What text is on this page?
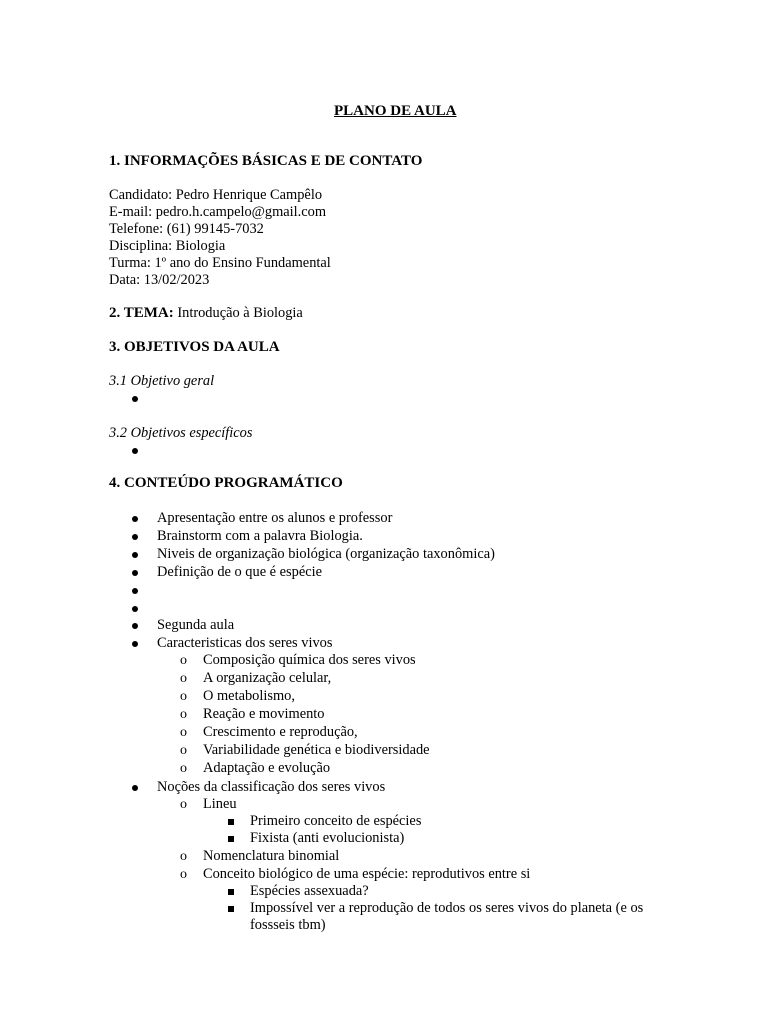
PLANO DE AULA
1. INFORMAÇÕES BÁSICAS E DE CONTATO
Candidato: Pedro Henrique Campêlo
E-mail: pedro.h.campelo@gmail.com
Telefone: (61) 99145-7032
Disciplina: Biologia
Turma: 1º ano do Ensino Fundamental
Data: 13/02/2023
2. TEMA: Introdução à Biologia
3. OBJETIVOS DA AULA
3.1 Objetivo geral
3.2 Objetivos específicos
4. CONTEÚDO PROGRAMÁTICO
Apresentação entre os alunos e professor
Brainstorm com a palavra Biologia.
Niveis de organização biológica (organização taxonômica)
Definição de o que é espécie
Segunda aula
Caracteristicas dos seres vivos
o Composição química dos seres vivos
o A organização celular,
o O metabolismo,
o Reação e movimento
o Crescimento e reprodução,
o Variabilidade genética e biodiversidade
o Adaptação e evolução
Noções da classificação dos seres vivos
o Lineu
Primeiro conceito de espécies
Fixista (anti evolucionista)
o Nomenclatura binomial
o Conceito biológico de uma espécie: reprodutivos entre si
Espécies assexuada?
Impossível ver a reprodução de todos os seres vivos do planeta (e os fossseis tbm)
